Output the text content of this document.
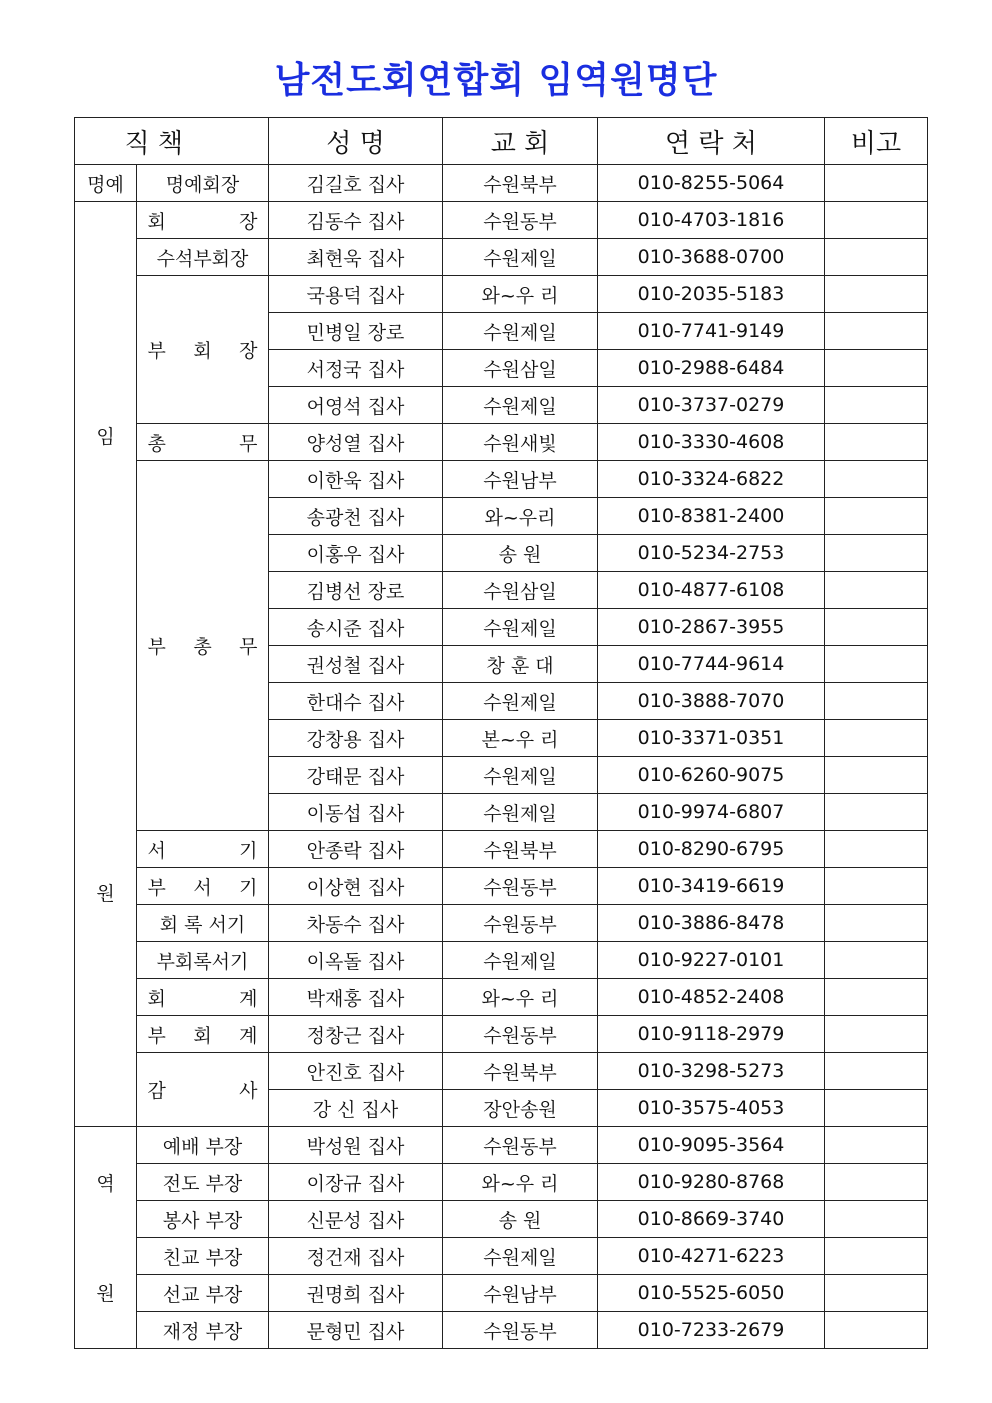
남전도회연합회 임역원명단
직 책		성 명	교 회	연 락 처	비고
명예	명예회장	김길호 집사	수원북부	010-8255-5064	

임
원	회 장	김동수 집사	수원동부	010-4703-1816	
	수석부회장	최현욱 집사	수원제일	010-3688-0700	

	부 회 장	국용덕 집사	와~우 리	010-2035-5183	
		민병일 장로	수원제일	010-7741-9149	
		서정국 집사	수원삼일	010-2988-6484	
		어영석 집사	수원제일	010-3737-0279	

	총 무	양성열 집사	수원새빛	010-3330-4608	

	부 총 무	이한욱 집사	수원남부	010-3324-6822	
		송광천 집사	와~우리	010-8381-2400	
		이홍우 집사	송 원	010-5234-2753	
		김병선 장로	수원삼일	010-4877-6108	
		송시준 집사	수원제일	010-2867-3955	
		권성철 집사	창 훈 대	010-7744-9614	
		한대수 집사	수원제일	010-3888-7070	
		강창용 집사	본~우 리	010-3371-0351	
		강태문 집사	수원제일	010-6260-9075	
		이동섭 집사	수원제일	010-9974-6807	

	서 기	안종락 집사	수원북부	010-8290-6795	

	부 서 기	이상현 집사	수원동부	010-3419-6619	
	회 록 서기	차동수 집사	수원동부	010-3886-8478	
	부회록서기	이옥돌 집사	수원제일	010-9227-0101	

	회 계	박재홍 집사	와~우 리	010-4852-2408	

	부 회 계	정창근 집사	수원동부	010-9118-2979	

	감 사	안진호 집사	수원북부	010-3298-5273	
		강 신 집사	장안송원	010-3575-4053	

역
원	예배 부장	박성원 집사	수원동부	010-9095-3564	
	전도 부장	이장규 집사	와~우 리	010-9280-8768	
	봉사 부장	신문성 집사	송 원	010-8669-3740	
	친교 부장	정건재 집사	수원제일	010-4271-6223	
	선교 부장	권명희 집사	수원남부	010-5525-6050	
	재정 부장	문형민 집사	수원동부	010-7233-2679	
